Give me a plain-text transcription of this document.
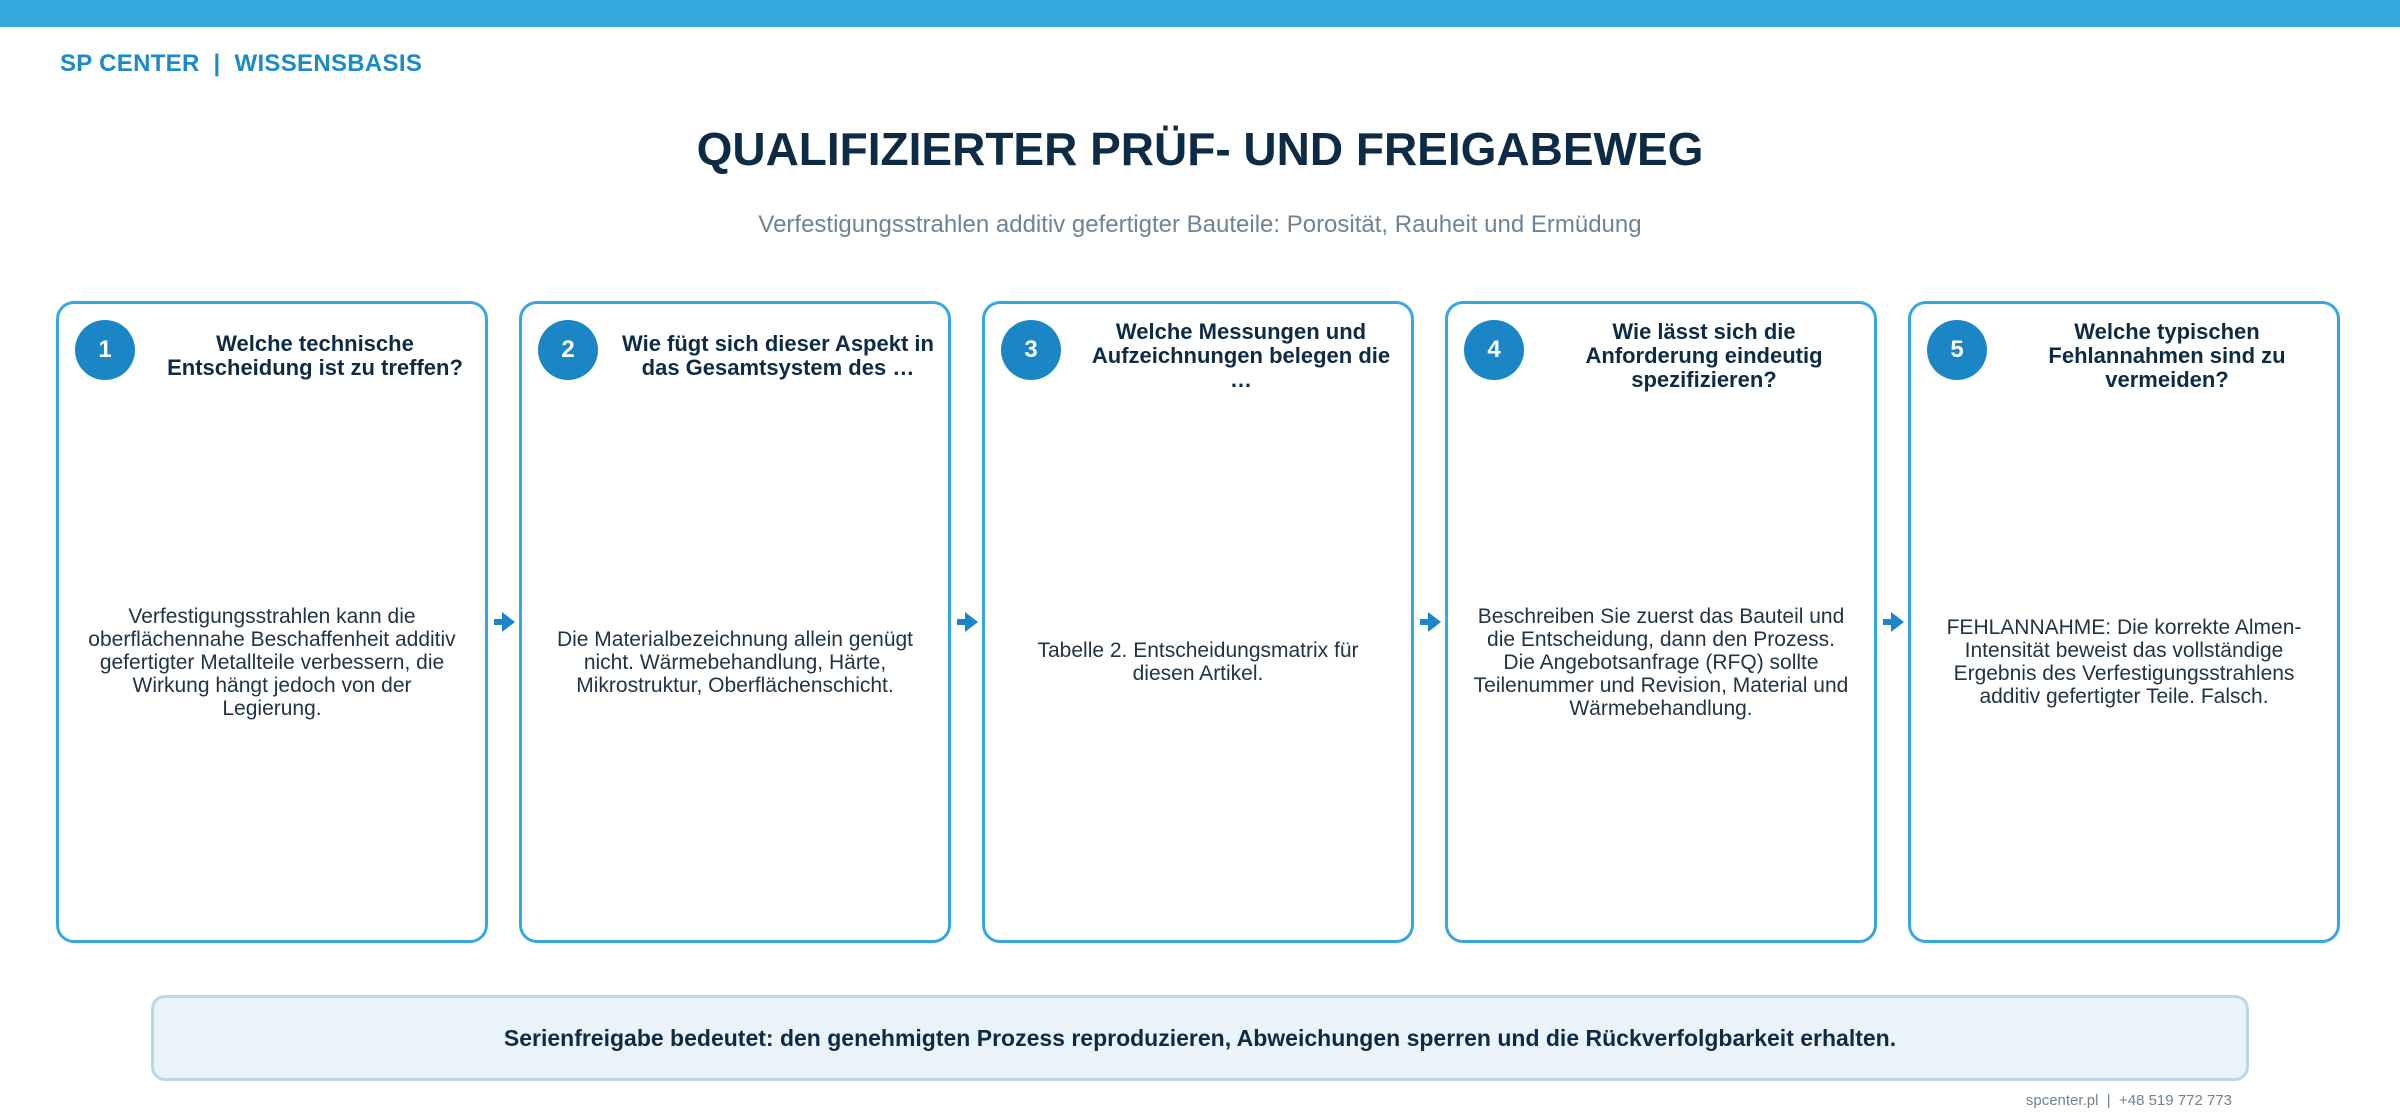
SP CENTER  |  WISSENSBASIS
QUALIFIZIERTER PRÜF- UND FREIGABEWEG
Verfestigungsstrahlen additiv gefertigter Bauteile: Porosität, Rauheit und Ermüdung
1	Welche technische Entscheidung ist zu treffen?
Verfestigungsstrahlen kann die oberflächennahe Beschaffenheit additiv gefertigter Metallteile verbessern, die Wirkung hängt jedoch von der Legierung.
2	Wie fügt sich dieser Aspekt in das Gesamtsystem des …
Die Materialbezeichnung allein genügt nicht. Wärmebehandlung, Härte, Mikrostruktur, Oberflächenschicht.
3
Welche Messungen und Aufzeichnungen belegen die …
Tabelle 2. Entscheidungsmatrix für diesen Artikel.
4
Wie lässt sich die Anforderung eindeutig spezifizieren?
Beschreiben Sie zuerst das Bauteil und die Entscheidung, dann den Prozess. Die Angebotsanfrage (RFQ) sollte Teilenummer und Revision, Material und Wärmebehandlung.
5
Welche typischen Fehlannahmen sind zu vermeiden?
FEHLANNAHME: Die korrekte Almen-Intensität beweist das vollständige Ergebnis des Verfestigungsstrahlens additiv gefertigter Teile. Falsch.
Serienfreigabe bedeutet: den genehmigten Prozess reproduzieren, Abweichungen sperren und die Rückverfolgbarkeit erhalten.
spcenter.pl  |  +48 519 772 773
